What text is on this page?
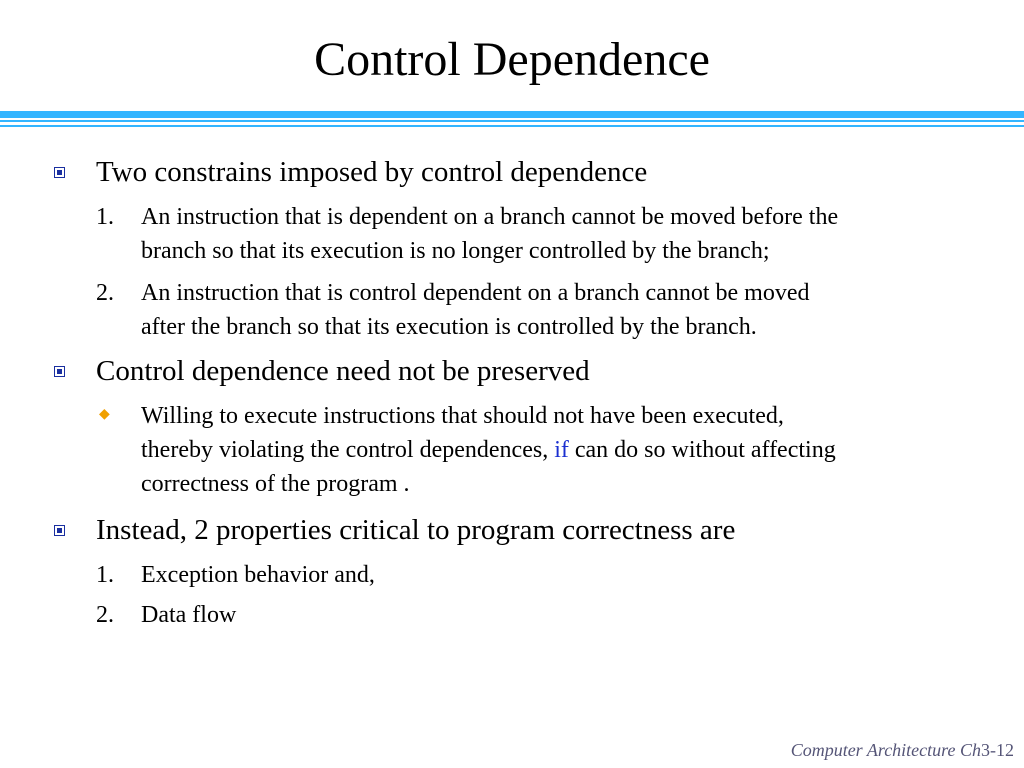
Control Dependence
Two constrains imposed by control dependence
1. An instruction that is dependent on a branch cannot be moved before the
branch so that its execution is no longer controlled by the branch;
2. An instruction that is control dependent on a branch cannot be moved
after the branch so that its execution is controlled by the branch.
Control dependence need not be preserved
◆ Willing to execute instructions that should not have been executed,
thereby violating the control dependences, if can do so without affecting
correctness of the program .
Instead, 2 properties critical to program correctness are
1. Exception behavior and,
2. Data flow
Computer Architecture Ch3-12
